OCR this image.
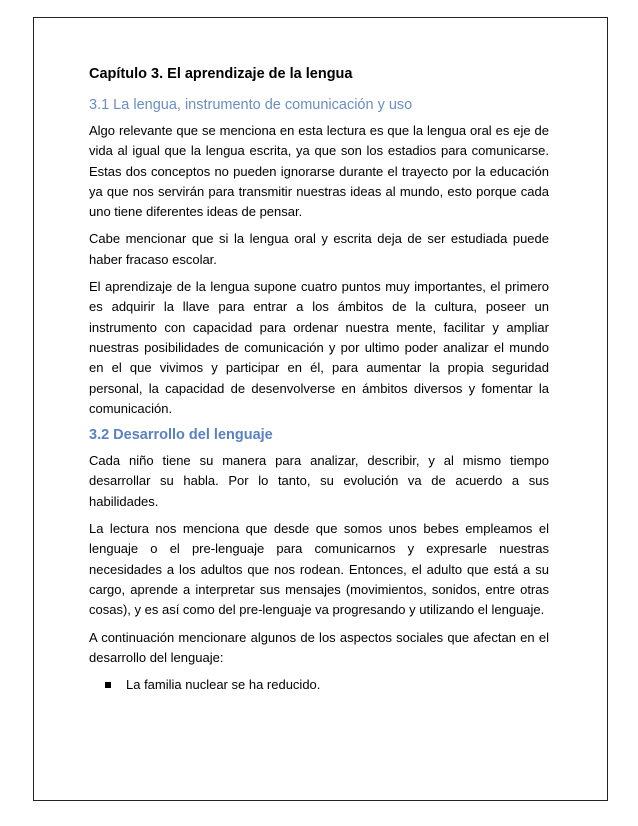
Capítulo 3. El aprendizaje de la lengua
3.1 La lengua, instrumento de comunicación y uso

Algo relevante que se menciona en esta lectura es que la lengua oral es eje de vida al igual que la lengua escrita, ya que son los estadios para comunicarse. Estas dos conceptos no pueden ignorarse durante el trayecto por la educación ya que nos servirán para transmitir nuestras ideas al mundo, esto porque cada uno tiene diferentes ideas de pensar.

Cabe mencionar que si la lengua oral y escrita deja de ser estudiada puede haber fracaso escolar.

El aprendizaje de la lengua supone cuatro puntos muy importantes, el primero es adquirir la llave para entrar a los ámbitos de la cultura, poseer un instrumento con capacidad para ordenar nuestra mente, facilitar y ampliar nuestras posibilidades de comunicación y por ultimo poder analizar el mundo en el que vivimos y participar en él, para aumentar la propia seguridad personal, la capacidad de desenvolverse en ámbitos diversos y fomentar la comunicación.

3.2 Desarrollo del lenguaje

Cada niño tiene su manera para analizar, describir, y al mismo tiempo desarrollar su habla. Por lo tanto, su evolución va de acuerdo a sus habilidades.

La lectura nos menciona que desde que somos unos bebes empleamos el lenguaje o el pre-lenguaje para comunicarnos y expresarle nuestras necesidades a los adultos que nos rodean. Entonces, el adulto que está a su cargo, aprende a interpretar sus mensajes (movimientos, sonidos, entre otras cosas), y es así como del pre-lenguaje va progresando y utilizando el lenguaje.

A continuación mencionare algunos de los aspectos sociales que afectan en el desarrollo del lenguaje:

La familia nuclear se ha reducido.
